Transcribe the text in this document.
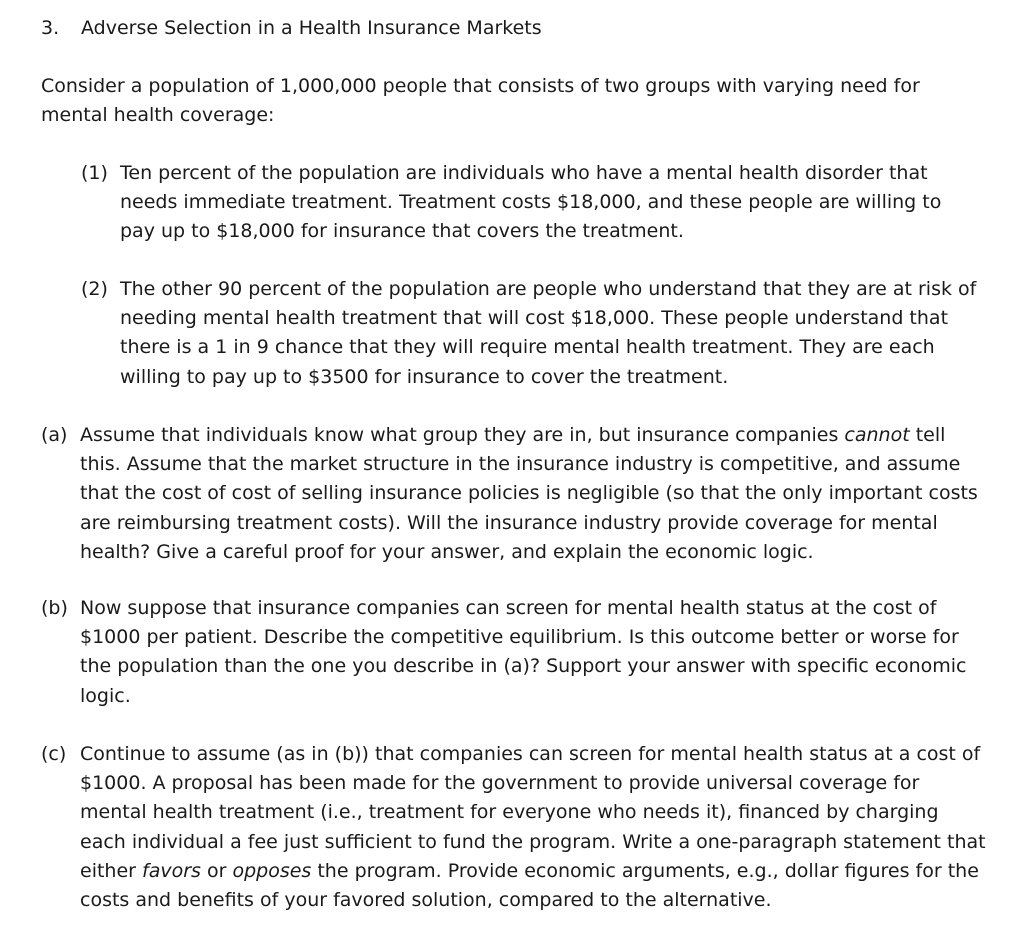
3. Adverse Selection in a Health Insurance Markets

Consider a population of 1,000,000 people that consists of two groups with varying need for mental health coverage:

(1) Ten percent of the population are individuals who have a mental health disorder that needs immediate treatment. Treatment costs $18,000, and these people are willing to pay up to $18,000 for insurance that covers the treatment.

(2) The other 90 percent of the population are people who understand that they are at risk of needing mental health treatment that will cost $18,000. These people understand that there is a 1 in 9 chance that they will require mental health treatment. They are each willing to pay up to $3500 for insurance to cover the treatment.

(a) Assume that individuals know what group they are in, but insurance companies cannot tell this. Assume that the market structure in the insurance industry is competitive, and assume that the cost of cost of selling insurance policies is negligible (so that the only important costs are reimbursing treatment costs). Will the insurance industry provide coverage for mental health? Give a careful proof for your answer, and explain the economic logic.

(b) Now suppose that insurance companies can screen for mental health status at the cost of $1000 per patient. Describe the competitive equilibrium. Is this outcome better or worse for the population than the one you describe in (a)? Support your answer with specific economic logic.

(c) Continue to assume (as in (b)) that companies can screen for mental health status at a cost of $1000. A proposal has been made for the government to provide universal coverage for mental health treatment (i.e., treatment for everyone who needs it), financed by charging each individual a fee just sufficient to fund the program. Write a one-paragraph statement that either favors or opposes the program. Provide economic arguments, e.g., dollar figures for the costs and benefits of your favored solution, compared to the alternative.
